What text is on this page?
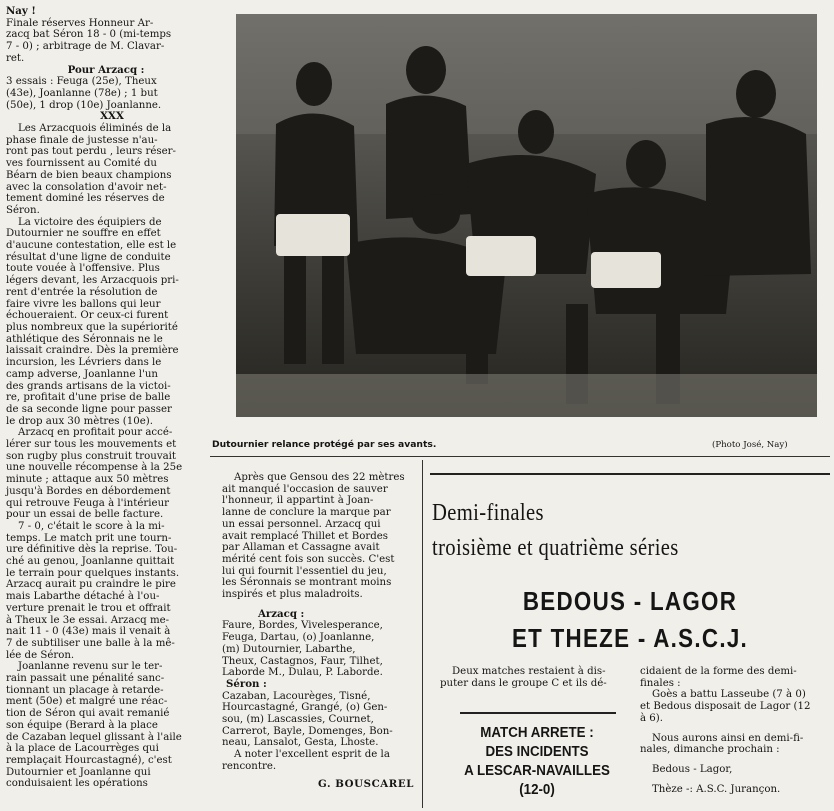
Nay !

Finale réserves Honneur Ar-
zacq bat Séron 18 - 0 (mi-temps
7 - 0) ; arbitrage de M. Clavar-
ret.

Pour Arzacq :

3 essais : Feuga (25e), Theux
(43e), Joanlanne (78e) ; 1 but
(50e), 1 drop (10e) Joanlanne.

XXX

Les Arzacquois éliminés de la
phase finale de justesse n'au-
ront pas tout perdu , leurs réser-
ves fournissent au Comité du
Béarn de bien beaux champions
avec la consolation d'avoir net-
tement dominé les réserves de
Séron.

La victoire des équipiers de
Dutournier ne souffre en effet
d'aucune contestation, elle est le
résultat d'une ligne de conduite
toute vouée à l'offensive. Plus
légers devant, les Arzacquois pri-
rent d'entrée la résolution de
faire vivre les ballons qui leur
échoueraient. Or ceux-ci furent
plus nombreux que la supériorité
athlétique des Séronnais ne le
laissait craindre. Dès la première
incursion, les Lévriers dans le
camp adverse, Joanlanne l'un
des grands artisans de la victoi-
re, profitait d'une prise de balle
de sa seconde ligne pour passer
le drop aux 30 mètres (10e).

Arzacq en profitait pour accé-
lérer sur tous les mouvements et
son rugby plus construit trouvait
une nouvelle récompense à la 25e
minute ; attaque aux 50 mètres
jusqu'à Bordes en débordement
qui retrouve Feuga à l'intérieur
pour un essai de belle facture.

7 - 0, c'était le score à la mi-
temps. Le match prit une tourn-
ure définitive dès la reprise. Tou-
ché au genou, Joanlanne quittait
le terrain pour quelques instants.
Arzacq aurait pu craindre le pire
mais Labarthe détaché à l'ou-
verture prenait le trou et offrait
à Theux le 3e essai. Arzacq me-
nait 11 - 0 (43e) mais il venait à
7 de subtiliser une balle à la mê-
lée de Séron.

Joanlanne revenu sur le ter-
rain passait une pénalité sanc-
tionnant un placage à retarde-
ment (50e) et malgré une réac-
tion de Séron qui avait remanié
son équipe (Berard à la place
de Cazaban lequel glissant à l'aile
à la place de Lacourrèges qui
remplaçait Hourcastagné), c'est
Dutournier et Joanlanne qui
conduisaient les opérations

Dutournier relance protégé par ses avants.	(Photo José, Nay)

Après que Gensou des 22 mètres
ait manqué l'occasion de sauver
l'honneur, il appartint à Joan-
lanne de conclure la marque par
un essai personnel. Arzacq qui
avait remplacé Thillet et Bordes
par Allaman et Cassagne avait
mérité cent fois son succès. C'est
lui qui fournit l'essentiel du jeu,
les Séronnais se montrant moins
inspirés et plus maladroits.

Arzacq :

Faure, Bordes, Vivelesperance,
Feuga, Dartau, (o) Joanlanne,
(m) Dutournier, Labarthe,
Theux, Castagnos, Faur, Tilhet,
Laborde M., Dulau, P. Laborde.

Séron :

Cazaban, Lacourèges, Tisné,
Hourcastagné, Grangé, (o) Gen-
sou, (m) Lascassies, Cournet,
Carrerot, Bayle, Domenges, Bon-
neau, Lansalot, Gesta, Lhoste.

A noter l'excellent esprit de la
rencontre.

G. BOUSCAREL

Demi-finales
troisième et quatrième séries
BEDOUS - LAGOR
ET THEZE - A.S.C.J.

Deux matches restaient à dis-
puter dans le groupe C et ils dé-

MATCH ARRETE :
DES INCIDENTS
A LESCAR-NAVAILLES
(12-0)

cidaient de la forme des demi-
finales :

Goès a battu Lasseube (7 à 0)
et Bedous disposait de Lagor (12
à 6).

Nous aurons ainsi en demi-fi-
nales, dimanche prochain :

Bedous - Lagor,

Thèze -: A.S.C. Jurançon.
